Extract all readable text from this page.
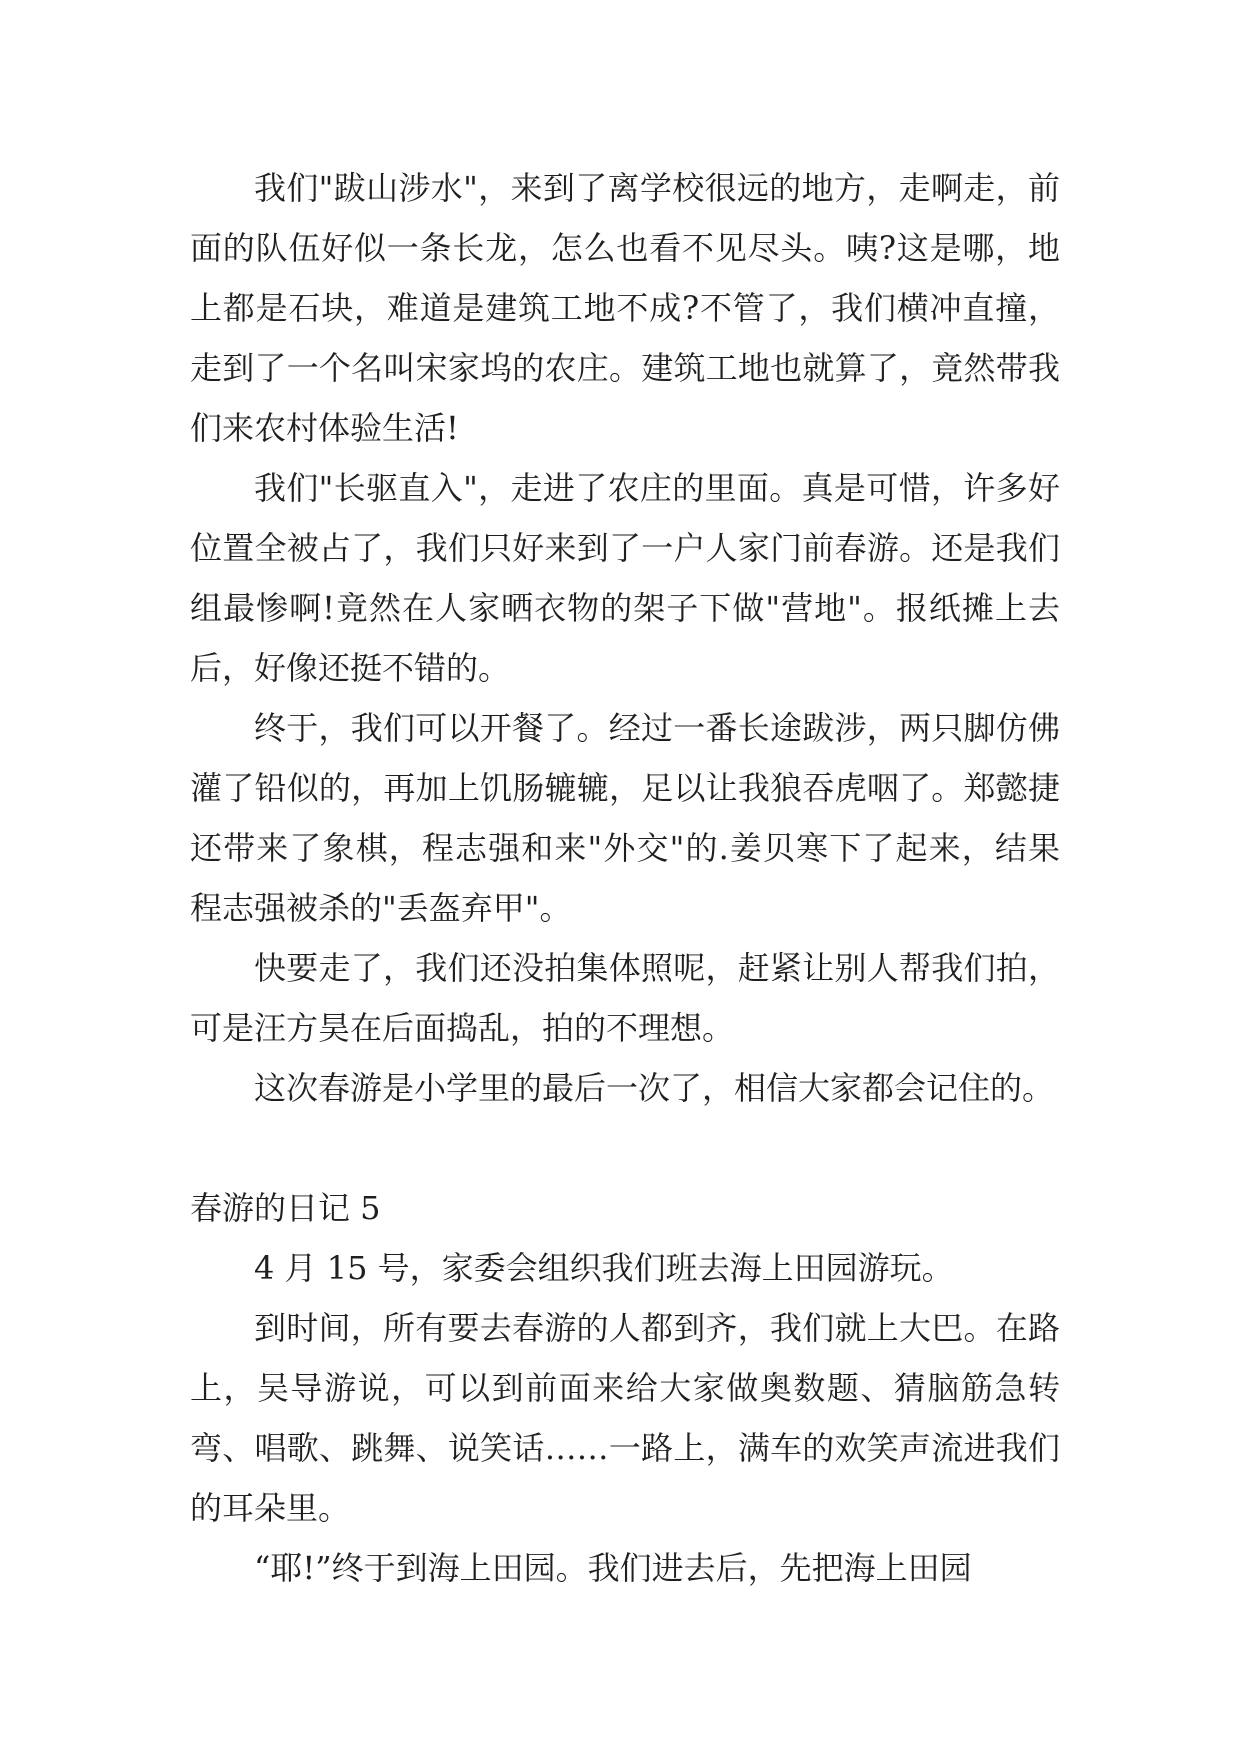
我们"跋山涉水"，来到了离学校很远的地方，走啊走，前面的队伍好似一条长龙，怎么也看不见尽头。咦?这是哪，地上都是石块，难道是建筑工地不成?不管了，我们横冲直撞，走到了一个名叫宋家坞的农庄。建筑工地也就算了，竟然带我们来农村体验生活!

我们"长驱直入"，走进了农庄的里面。真是可惜，许多好位置全被占了，我们只好来到了一户人家门前春游。还是我们组最惨啊!竟然在人家晒衣物的架子下做"营地"。报纸摊上去后，好像还挺不错的。

终于，我们可以开餐了。经过一番长途跋涉，两只脚仿佛灌了铅似的，再加上饥肠辘辘，足以让我狼吞虎咽了。郑懿捷还带来了象棋，程志强和来"外交"的.姜贝寒下了起来，结果程志强被杀的"丢盔弃甲"。

快要走了，我们还没拍集体照呢，赶紧让别人帮我们拍，可是汪方昊在后面捣乱，拍的不理想。

这次春游是小学里的最后一次了，相信大家都会记住的。

春游的日记 5

4 月 15 号，家委会组织我们班去海上田园游玩。

到时间，所有要去春游的人都到齐，我们就上大巴。在路上，吴导游说，可以到前面来给大家做奥数题、猜脑筋急转弯、唱歌、跳舞、说笑话……一路上，满车的欢笑声流进我们的耳朵里。

“耶!”终于到海上田园。我们进去后，先把海上田园
